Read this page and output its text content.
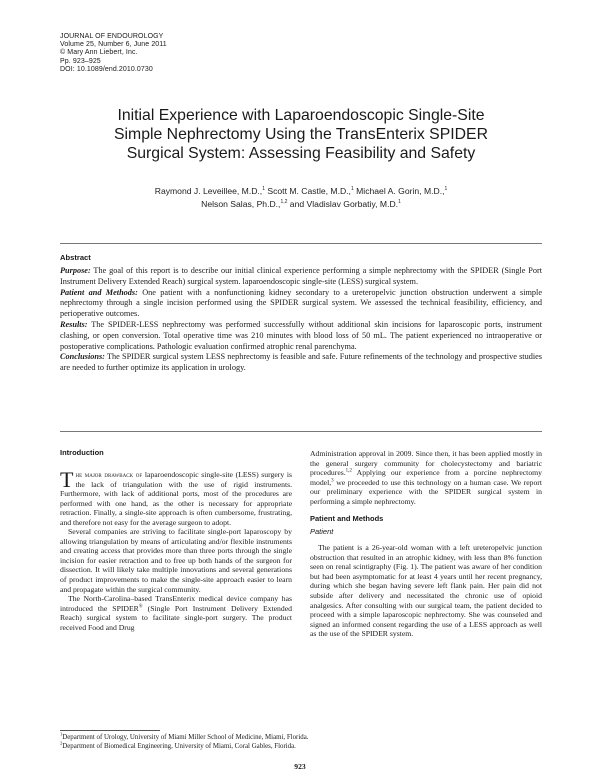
JOURNAL OF ENDOUROLOGY
Volume 25, Number 6, June 2011
© Mary Ann Liebert, Inc.
Pp. 923–925
DOI: 10.1089/end.2010.0730
Initial Experience with Laparoendoscopic Single-Site
Simple Nephrectomy Using the TransEnterix SPIDER
Surgical System: Assessing Feasibility and Safety
Raymond J. Leveillee, M.D.,$^1$ Scott M. Castle, M.D.,$^1$ Michael A. Gorin, M.D.,$^1$
Nelson Salas, Ph.D.,$^{1,2}$ and Vladislav Gorbatiy, M.D.$^1$
Abstract
Purpose: The goal of this report is to describe our initial clinical experience performing a simple nephrectomy with the SPIDER (Single Port Instrument Delivery Extended Reach) surgical system. laparoendoscopic single-site (LESS) surgical system.
Patient and Methods: One patient with a nonfunctioning kidney secondary to a ureteropelvic junction obstruction underwent a simple nephrectomy through a single incision performed using the SPIDER surgical system. We assessed the technical feasibility, efficiency, and perioperative outcomes.
Results: The SPIDER-LESS nephrectomy was performed successfully without additional skin incisions for laparoscopic ports, instrument clashing, or open conversion. Total operative time was 210 minutes with blood loss of 50 mL. The patient experienced no intraoperative or postoperative complications. Pathologic evaluation confirmed atrophic renal parenchyma.
Conclusions: The SPIDER surgical system LESS nephrectomy is feasible and safe. Future refinements of the technology and prospective studies are needed to further optimize its application in urology.
Introduction

The major drawback of laparoendoscopic single-site (LESS) surgery is the lack of triangulation with the use of rigid instruments. Furthermore, with lack of additional ports, most of the procedures are performed with one hand, as the other is necessary for appropriate retraction. Finally, a single-site approach is often cumbersome, frustrating, and therefore not easy for the average surgeon to adopt.

Several companies are striving to facilitate single-port laparoscopy by allowing triangulation by means of articulating and/or flexible instruments and creating access that provides more than three ports through the single incision for easier retraction and to free up both hands of the surgeon for dissection. It will likely take multiple innovations and several generations of product improvements to make the single-site approach easier to learn and propagate within the surgical community.

The North-Carolina–based TransEnterix medical device company has introduced the SPIDER® (Single Port Instrument Delivery Extended Reach) surgical system to facilitate single-port surgery. The product received Food and Drug

Administration approval in 2009. Since then, it has been applied mostly in the general surgery community for cholecystectomy and bariatric procedures.$^{1,2}$ Applying our experience from a porcine nephrectomy model,$^3$ we proceeded to use this technology on a human case. We report our preliminary experience with the SPIDER surgical system in performing a simple nephrectomy.

Patient and Methods
Patient

The patient is a 26-year-old woman with a left ureteropelvic junction obstruction that resulted in an atrophic kidney, with less than 8% function seen on renal scintigraphy (Fig. 1). The patient was aware of her condition but had been asymptomatic for at least 4 years until her recent pregnancy, during which she began having severe left flank pain. Her pain did not subside after delivery and necessitated the chronic use of opioid analgesics. After consulting with our surgical team, the patient decided to proceed with a simple laparoscopic nephrectomy. She was counseled and signed an informed consent regarding the use of a LESS approach as well as the use of the SPIDER system.

$^1$Department of Urology, University of Miami Miller School of Medicine, Miami, Florida.
$^2$Department of Biomedical Engineering, University of Miami, Coral Gables, Florida.
923
